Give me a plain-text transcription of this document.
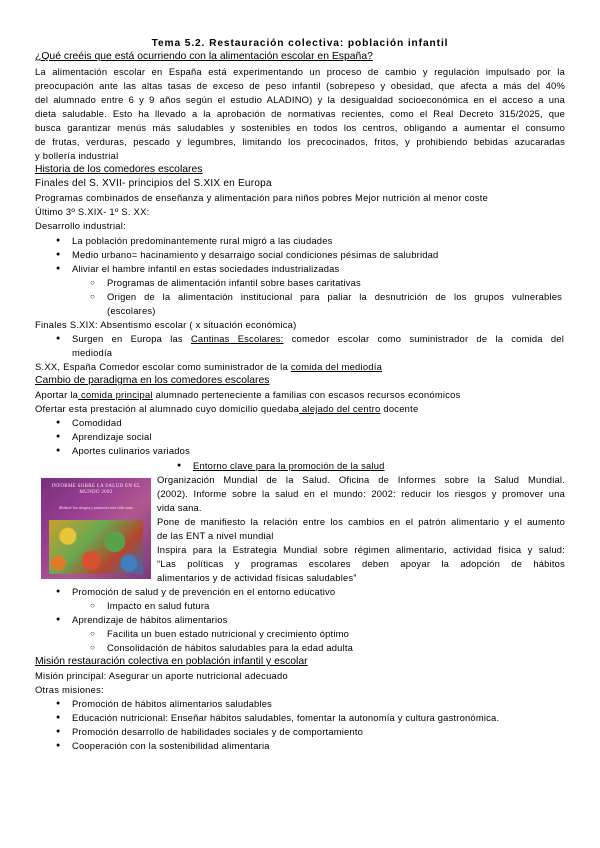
Tema 5.2. Restauración colectiva: población infantil
¿Qué creéis que está ocurriendo con la alimentación escolar en España?
La alimentación escolar en España está experimentando un proceso de cambio y regulación impulsado por la
preocupación ante las altas tasas de exceso de peso infantil (sobrepeso y obesidad, que afecta a más del 40%
del alumnado entre 6 y 9 años según el estudio ALADINO) y la desigualdad socioeconómica en el acceso a una
dieta saludable. Esto ha llevado a la aprobación de normativas recientes, como el Real Decreto 315/2025, que
busca garantizar menús más saludables y sostenibles en todos los centros, obligando a aumentar el consumo
de frutas, verduras, pescado y legumbres, limitando los precocinados, fritos, y prohibiendo bebidas azucaradas
y bollería industrial
Historia de los comedores escolares
Finales del S. XVII- principios del S.XIX en Europa
Programas combinados de enseñanza y alimentación para niños pobres Mejor nutrición al menor coste
Último 3º S.XIX- 1º S. XX:
Desarrollo industrial:
● La población predominantemente rural migró a las ciudades
● Medio urbano= hacinamiento y desarraigo social condiciones pésimas de salubridad
● Aliviar el hambre infantil en estas sociedades industrializadas
○ Programas de alimentación infantil sobre bases caritativas
○ Origen de la alimentación institucional para paliar la desnutrición de los grupos vulnerables
(escolares)
Finales S.XIX: Absentismo escolar ( x situación económica)
● Surgen en Europa las Cantinas Escolares: comedor escolar como suministrador de la comida del
mediodía
S.XX, España Comedor escolar como suministrador de la comida del mediodía
Cambio de paradigma en los comedores escolares
Aportar la comida principal alumnado perteneciente a familias con escasos recursos económicos
Ofertar esta prestación al alumnado cuyo domicilio quedaba alejado del centro docente
● Comodidad
● Aprendizaje social
● Aportes culinarios variados
● Entorno clave para la promoción de la salud
INFORME SOBRE LA SALUD EN EL MUNDO 2002
Reducir los riesgos y promover una vida sana
Organización Mundial de la Salud. Oficina de Informes sobre la Salud Mundial.
(2002). Informe sobre la salud en el mundo: 2002: reducir los riesgos y promover una
vida sana.
Pone de manifiesto la relación entre los cambios en el patrón alimentario y el aumento
de las ENT a nivel mundial
Inspira para la Estrategia Mundial sobre régimen alimentario, actividad física y salud:
“Las políticas y programas escolares deben apoyar la adopción de hábitos
alimentarios y de actividad físicas saludables”
● Promoción de salud y de prevención en el entorno educativo
○ Impacto en salud futura
● Aprendizaje de hábitos alimentarios
○ Facilita un buen estado nutricional y crecimiento óptimo
○ Consolidación de hábitos saludables para la edad adulta
Misión restauración colectiva en población infantil y escolar
Misión principal: Asegurar un aporte nutricional adecuado
Otras misiones:
● Promoción de hábitos alimentarios saludables
● Educación nutricional: Enseñar hábitos saludables, fomentar la autonomía y cultura gastronómica.
● Promoción desarrollo de habilidades sociales y de comportamiento
● Cooperación con la sostenibilidad alimentaria
